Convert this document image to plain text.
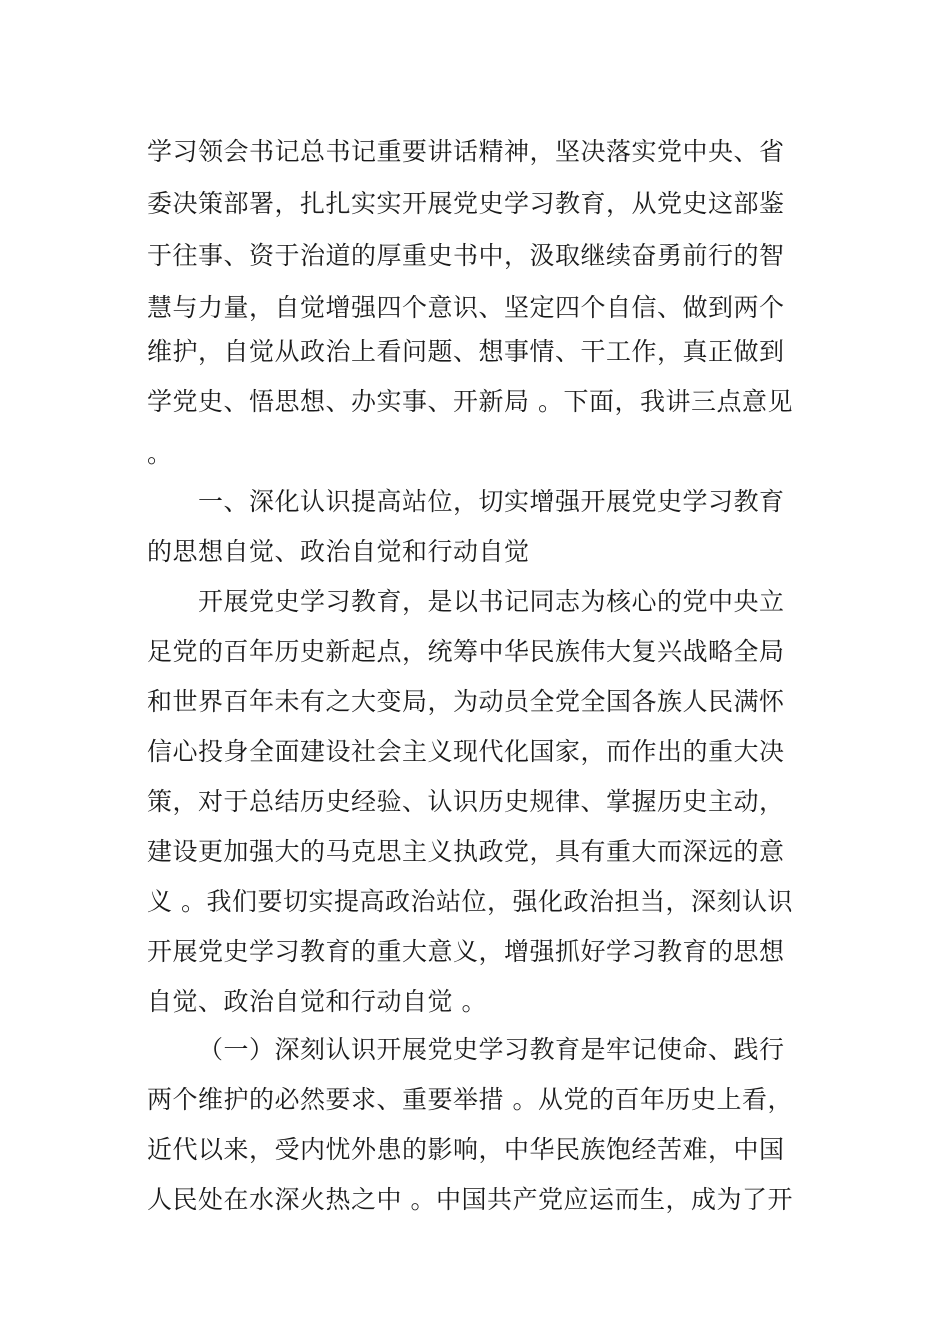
学习领会书记总书记重要讲话精神，坚决落实党中央、省
委决策部署，扎扎实实开展党史学习教育，从党史这部鉴
于往事、资于治道的厚重史书中，汲取继续奋勇前行的智
慧与力量，自觉增强四个意识、坚定四个自信、做到两个
维护，自觉从政治上看问题、想事情、干工作，真正做到
学党史、悟思想、办实事、开新局 。下面，我讲三点意见
。
一、深化认识提高站位，切实增强开展党史学习教育
的思想自觉、政治自觉和行动自觉
开展党史学习教育，是以书记同志为核心的党中央立
足党的百年历史新起点，统筹中华民族伟大复兴战略全局
和世界百年未有之大变局，为动员全党全国各族人民满怀
信心投身全面建设社会主义现代化国家，而作出的重大决
策，对于总结历史经验、认识历史规律、掌握历史主动，
建设更加强大的马克思主义执政党，具有重大而深远的意
义 。我们要切实提高政治站位，强化政治担当，深刻认识
开展党史学习教育的重大意义，增强抓好学习教育的思想
自觉、政治自觉和行动自觉 。
（一）深刻认识开展党史学习教育是牢记使命、践行
两个维护的必然要求、重要举措 。从党的百年历史上看，
近代以来，受内忧外患的影响，中华民族饱经苦难，中国
人民处在水深火热之中 。中国共产党应运而生，成为了开
